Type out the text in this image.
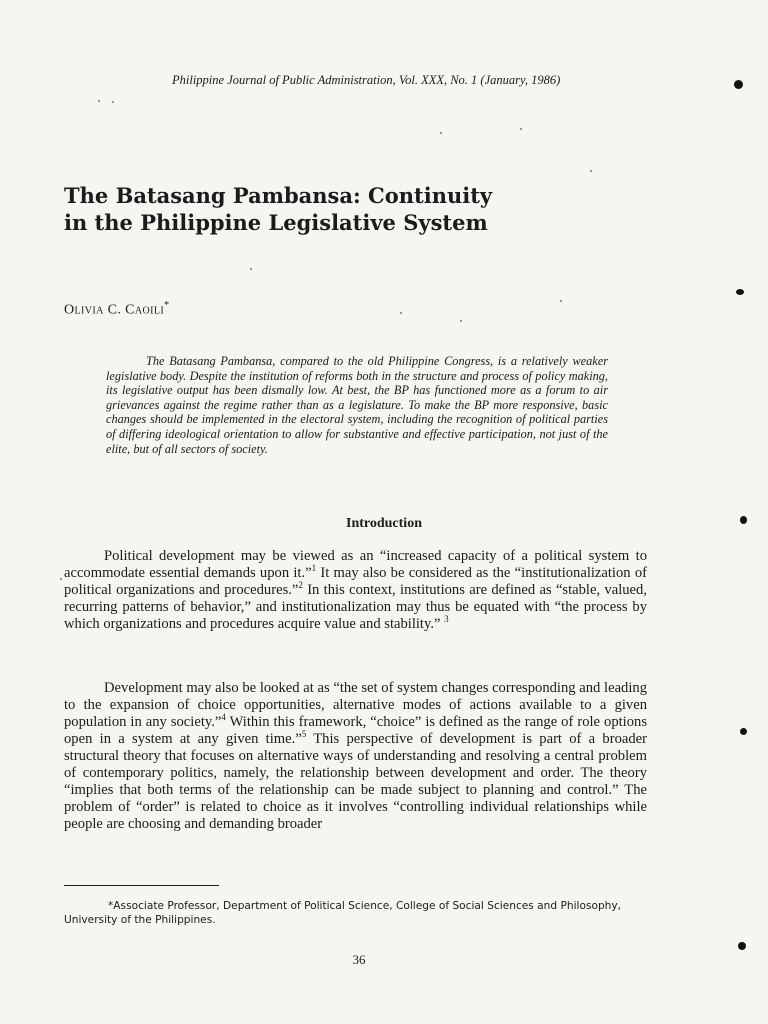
Philippine Journal of Public Administration, Vol. XXX, No. 1 (January, 1986)
The Batasang Pambansa: Continuity
in the Philippine Legislative System
Olivia C. Caoili*

The Batasang Pambansa, compared to the old Philippine Congress, is a relatively weaker legislative body. Despite the institution of reforms both in the structure and process of policy making, its legislative output has been dismally low. At best, the BP has functioned more as a forum to air grievances against the regime rather than as a legislature. To make the BP more responsive, basic changes should be implemented in the electoral system, including the recognition of political parties of differing ideological orientation to allow for substantive and effective participation, not just of the elite, but of all sectors of society.

Introduction

Political development may be viewed as an “increased capacity of a political system to accommodate essential demands upon it.”$^1$ It may also be considered as the “institutionalization of political organizations and procedures.”$^2$ In this context, institutions are defined as “stable, valued, recurring patterns of behavior,” and institutionalization may thus be equated with “the process by which organizations and procedures acquire value and stability.” $^3$

Development may also be looked at as “the set of system changes corresponding and leading to the expansion of choice opportunities, alternative modes of actions available to a given population in any society.”$^4$ Within this framework, “choice” is defined as the range of role options open in a system at any given time.”$^5$ This perspective of development is part of a broader structural theory that focuses on alternative ways of understanding and resolving a central problem of contemporary politics, namely, the relationship between development and order. The theory “implies that both terms of the relationship can be made subject to planning and control.” The problem of “order” is related to choice as it involves “controlling individual relationships while people are choosing and demanding broader

*Associate Professor, Department of Political Science, College of Social Sciences and Philosophy, University of the Philippines.

36
